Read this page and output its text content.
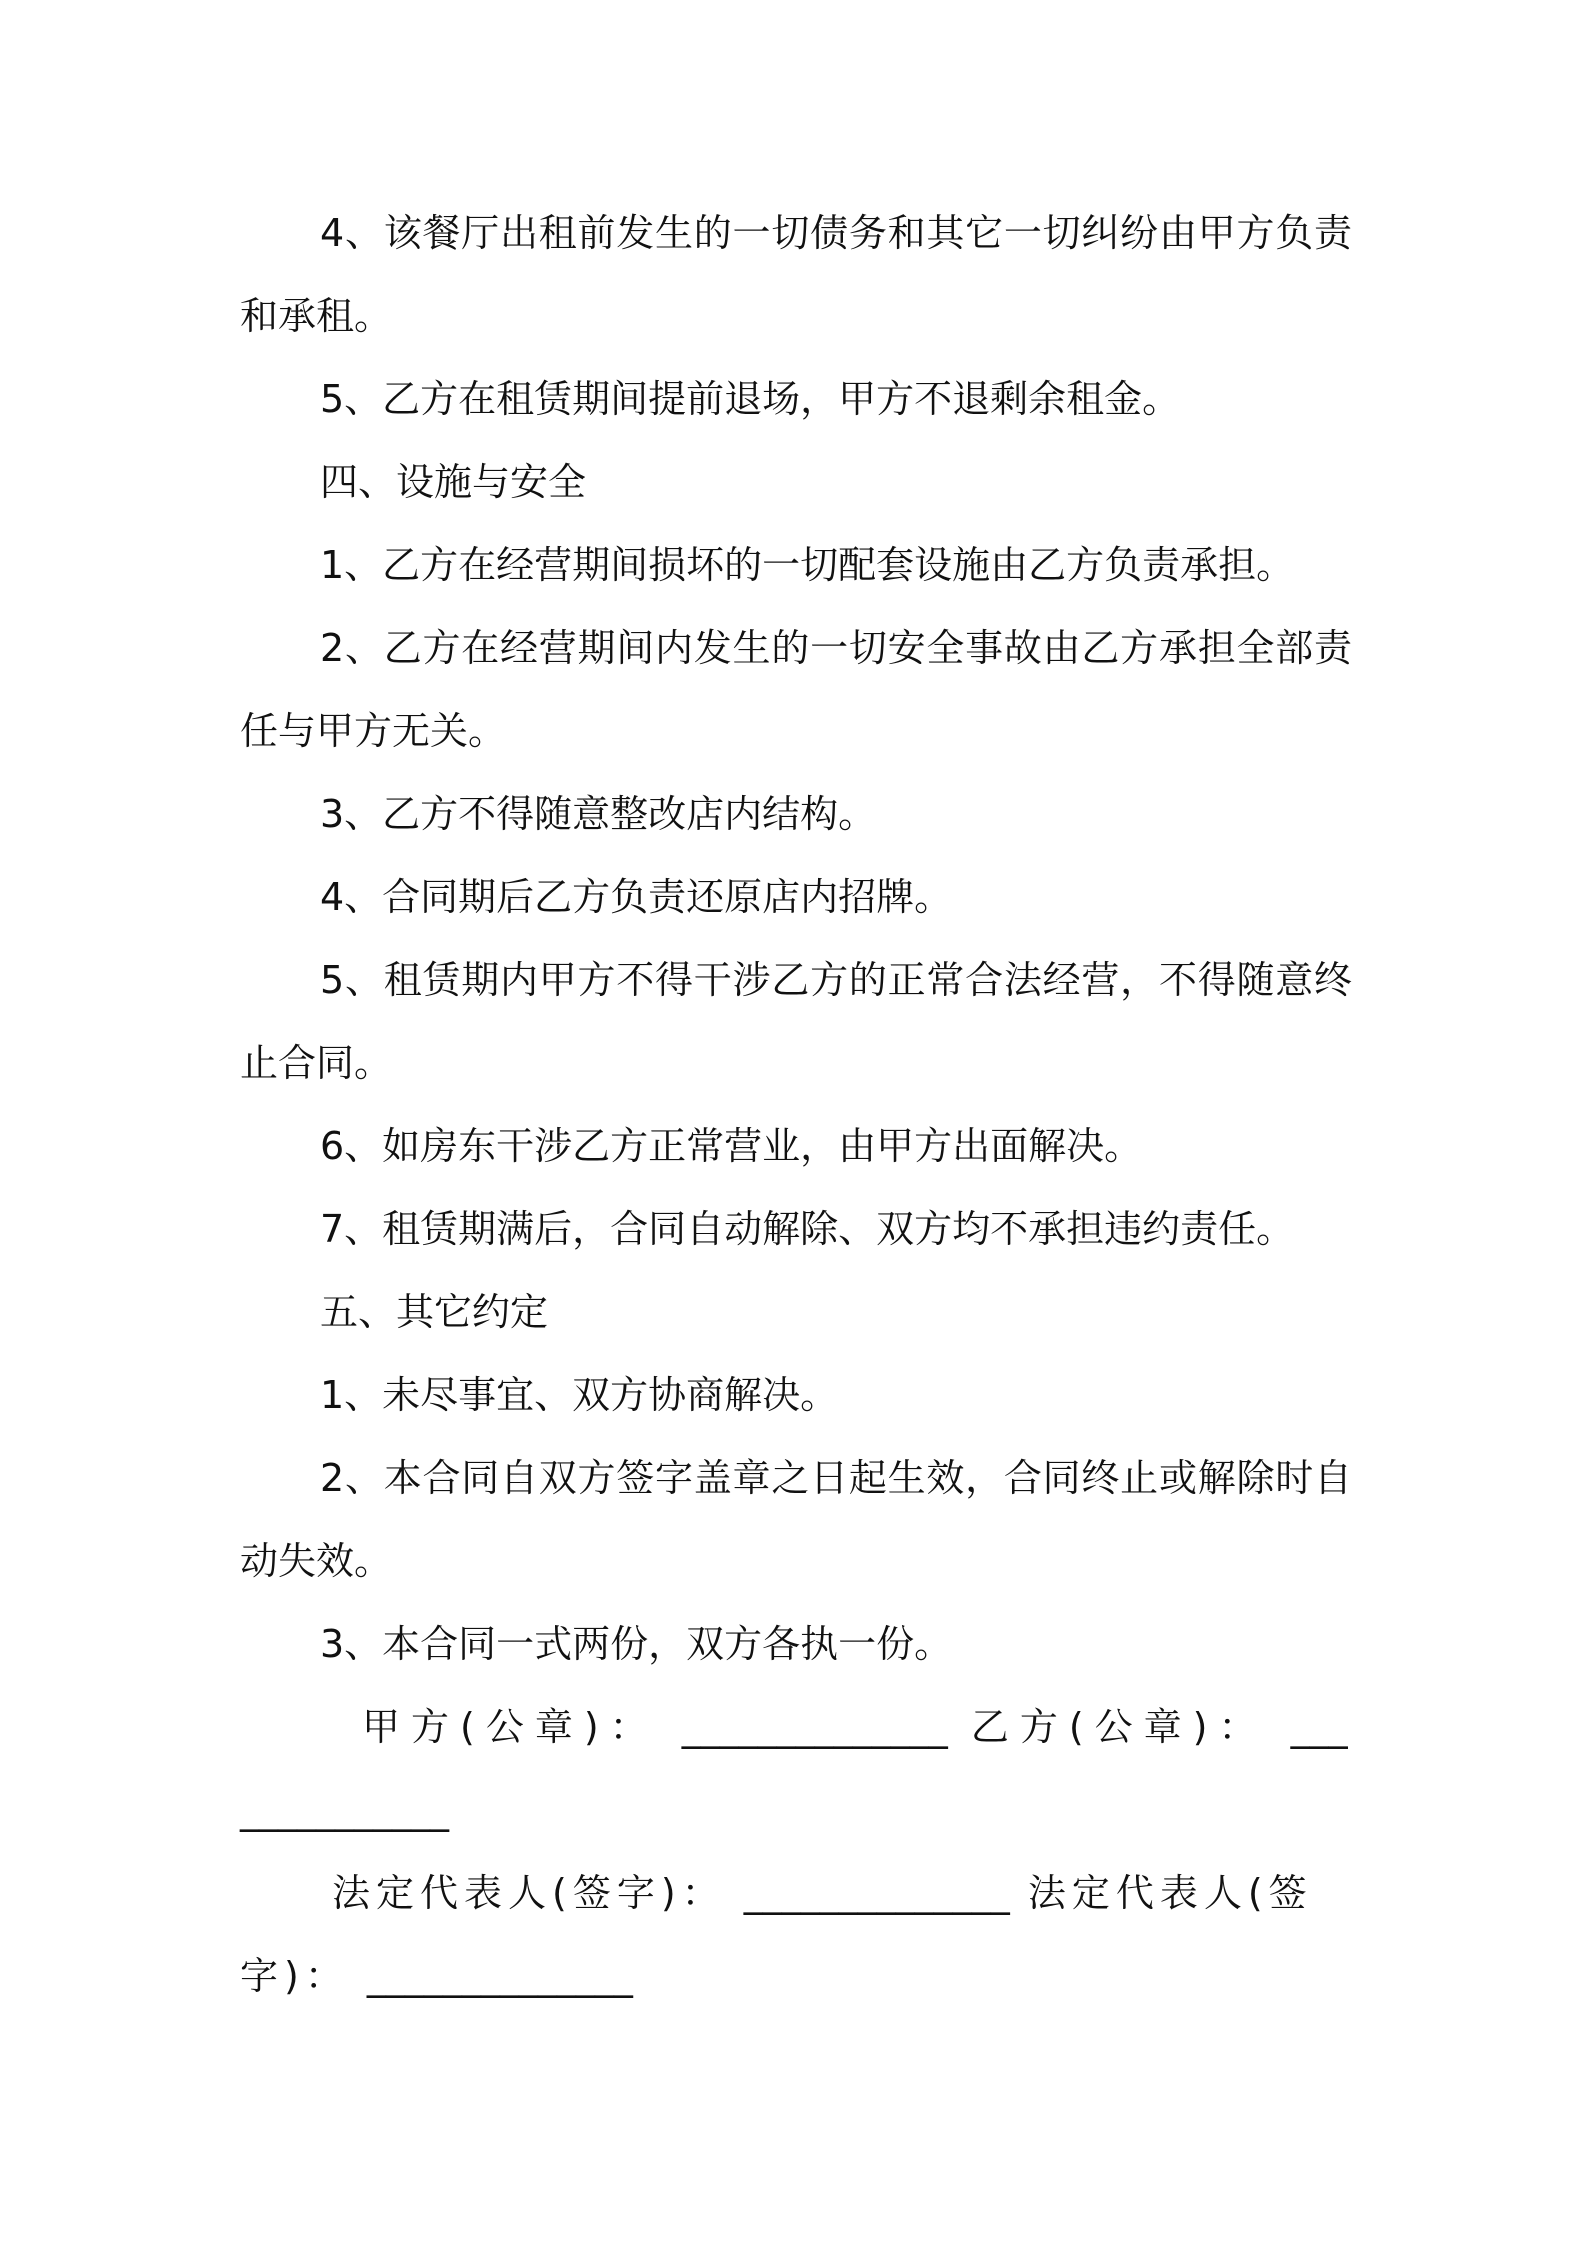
4、该餐厅出租前发生的一切债务和其它一切纠纷由甲方负责和承租。

5、乙方在租赁期间提前退场，甲方不退剩余租金。

四、设施与安全

1、乙方在经营期间损坏的一切配套设施由乙方负责承担。

2、乙方在经营期间内发生的一切安全事故由乙方承担全部责任与甲方无关。

3、乙方不得随意整改店内结构。

4、合同期后乙方负责还原店内招牌。

5、租赁期内甲方不得干涉乙方的正常合法经营，不得随意终止合同。

6、如房东干涉乙方正常营业，由甲方出面解决。

7、租赁期满后，合同自动解除、双方均不承担违约责任。

五、其它约定

1、未尽事宜、双方协商解决。

2、本合同自双方签字盖章之日起生效，合同终止或解除时自动失效。

3、本合同一式两份，双方各执一份。

甲方(公章)： ______________ 乙方(公章)： ______________

法定代表人(签字)： ______________ 法定代表人(签字)： ______________
